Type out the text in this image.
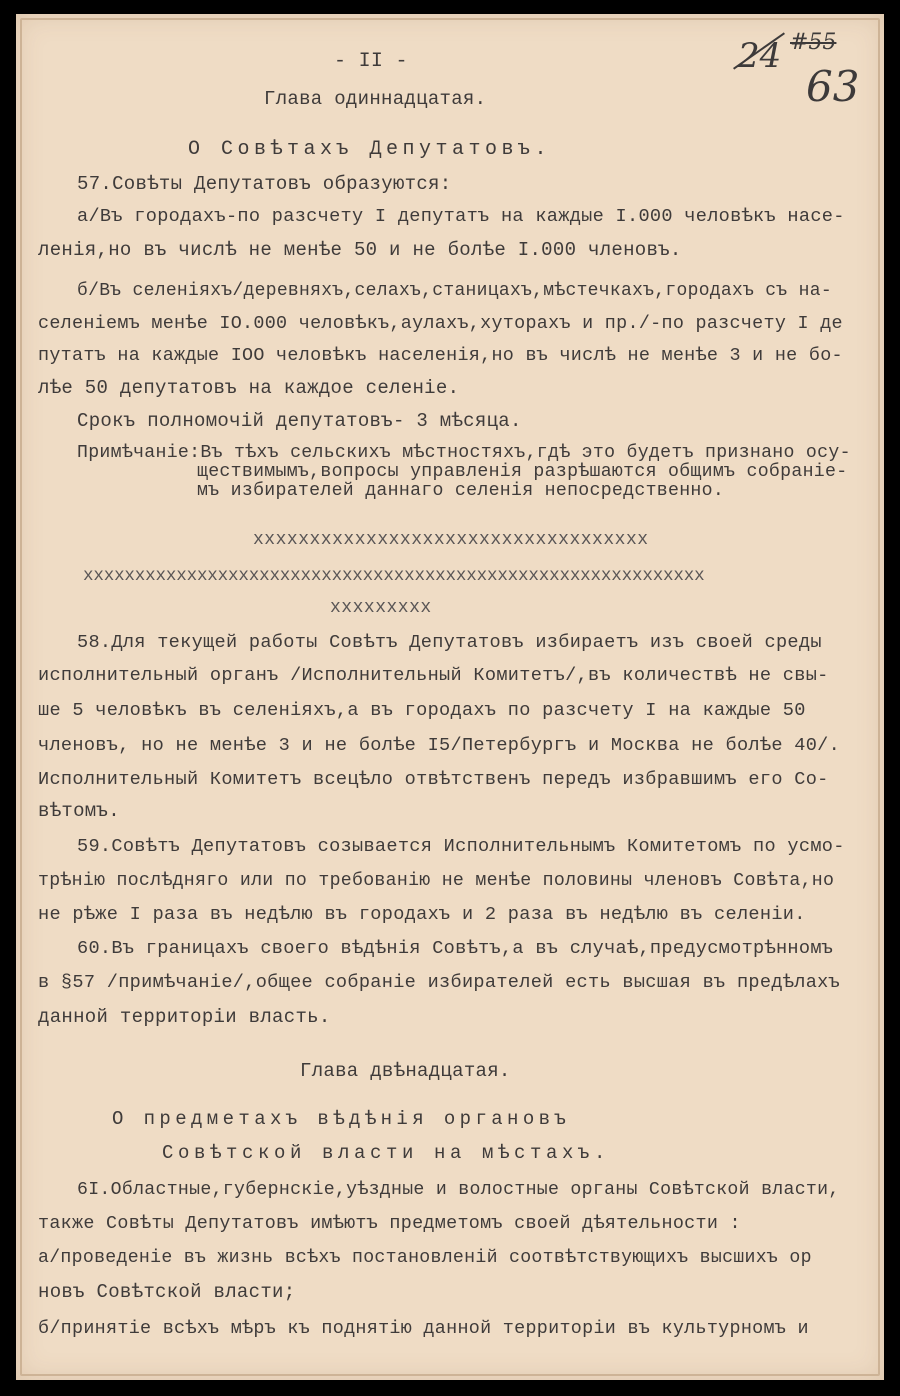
24 #55
63
- II -
Глава одиннадцатая.
О Совѣтахъ Депутатовъ.
57.Совѣты Депутатовъ образуются:
а/Въ городахъ-по разсчету I депутатъ на каждые I.000 человѣкъ насе-
ленія,но въ числѣ не менѣе 50 и не болѣе I.000 членовъ.
б/Въ селеніяхъ/деревняхъ,селахъ,станицахъ,мѣстечкахъ,городахъ съ на-
селеніемъ менѣе IO.000 человѣкъ,аулахъ,хуторахъ и пр./-по разсчету I де
путатъ на каждые IOO человѣкъ населенія,но въ числѣ не менѣе 3 и не бо-
лѣе 50 депутатовъ на каждое селеніе.
Срокъ полномочій депутатовъ- 3 мѣсяца.
Примѣчаніе:Въ тѣхъ сельскихъ мѣстностяхъ,гдѣ это будетъ признано осу-
ществимымъ,вопросы управленія разрѣшаются общимъ собраніе-
мъ избирателей даннаго селенія непосредственно.
ххххххххххххххххххххххххххххххххххх
хххххххххххххххххххххххххххххххххххххххххххххххххххххххххххх
ххххххххх
58.Для текущей работы Совѣтъ Депутатовъ избираетъ изъ своей среды
исполнительный органъ /Исполнительный Комитетъ/,въ количествѣ не свы-
ше 5 человѣкъ въ селеніяхъ,а въ городахъ по разсчету I на каждые 50
членовъ, но не менѣе 3 и не болѣе I5/Петербургъ и Москва не болѣе 40/.
Исполнительный Комитетъ всецѣло отвѣтственъ передъ избравшимъ его Со-
вѣтомъ.
59.Совѣтъ Депутатовъ созывается Исполнительнымъ Комитетомъ по усмо-
трѣнію послѣдняго или по требованію не менѣе половины членовъ Совѣта,но
не рѣже I раза въ недѣлю въ городахъ и 2 раза въ недѣлю въ селеніи.
60.Въ границахъ своего вѣдѣнія Совѣтъ,а въ случаѣ,предусмотрѣнномъ
в §57 /примѣчаніе/,общее собраніе избирателей есть высшая въ предѣлахъ
данной территоріи власть.
Глава двѣнадцатая.
О предметахъ вѣдѣнія органовъ
Совѣтской власти на мѣстахъ.
6I.Областные,губернскіе,уѣздные и волостные органы Совѣтской власти,
также Совѣты Депутатовъ имѣютъ предметомъ своей дѣятельности :
а/проведеніе въ жизнь всѣхъ постановленій соотвѣтствующихъ высшихъ ор
новъ Совѣтской власти;
б/принятіе всѣхъ мѣръ къ поднятію данной территоріи въ культурномъ и
